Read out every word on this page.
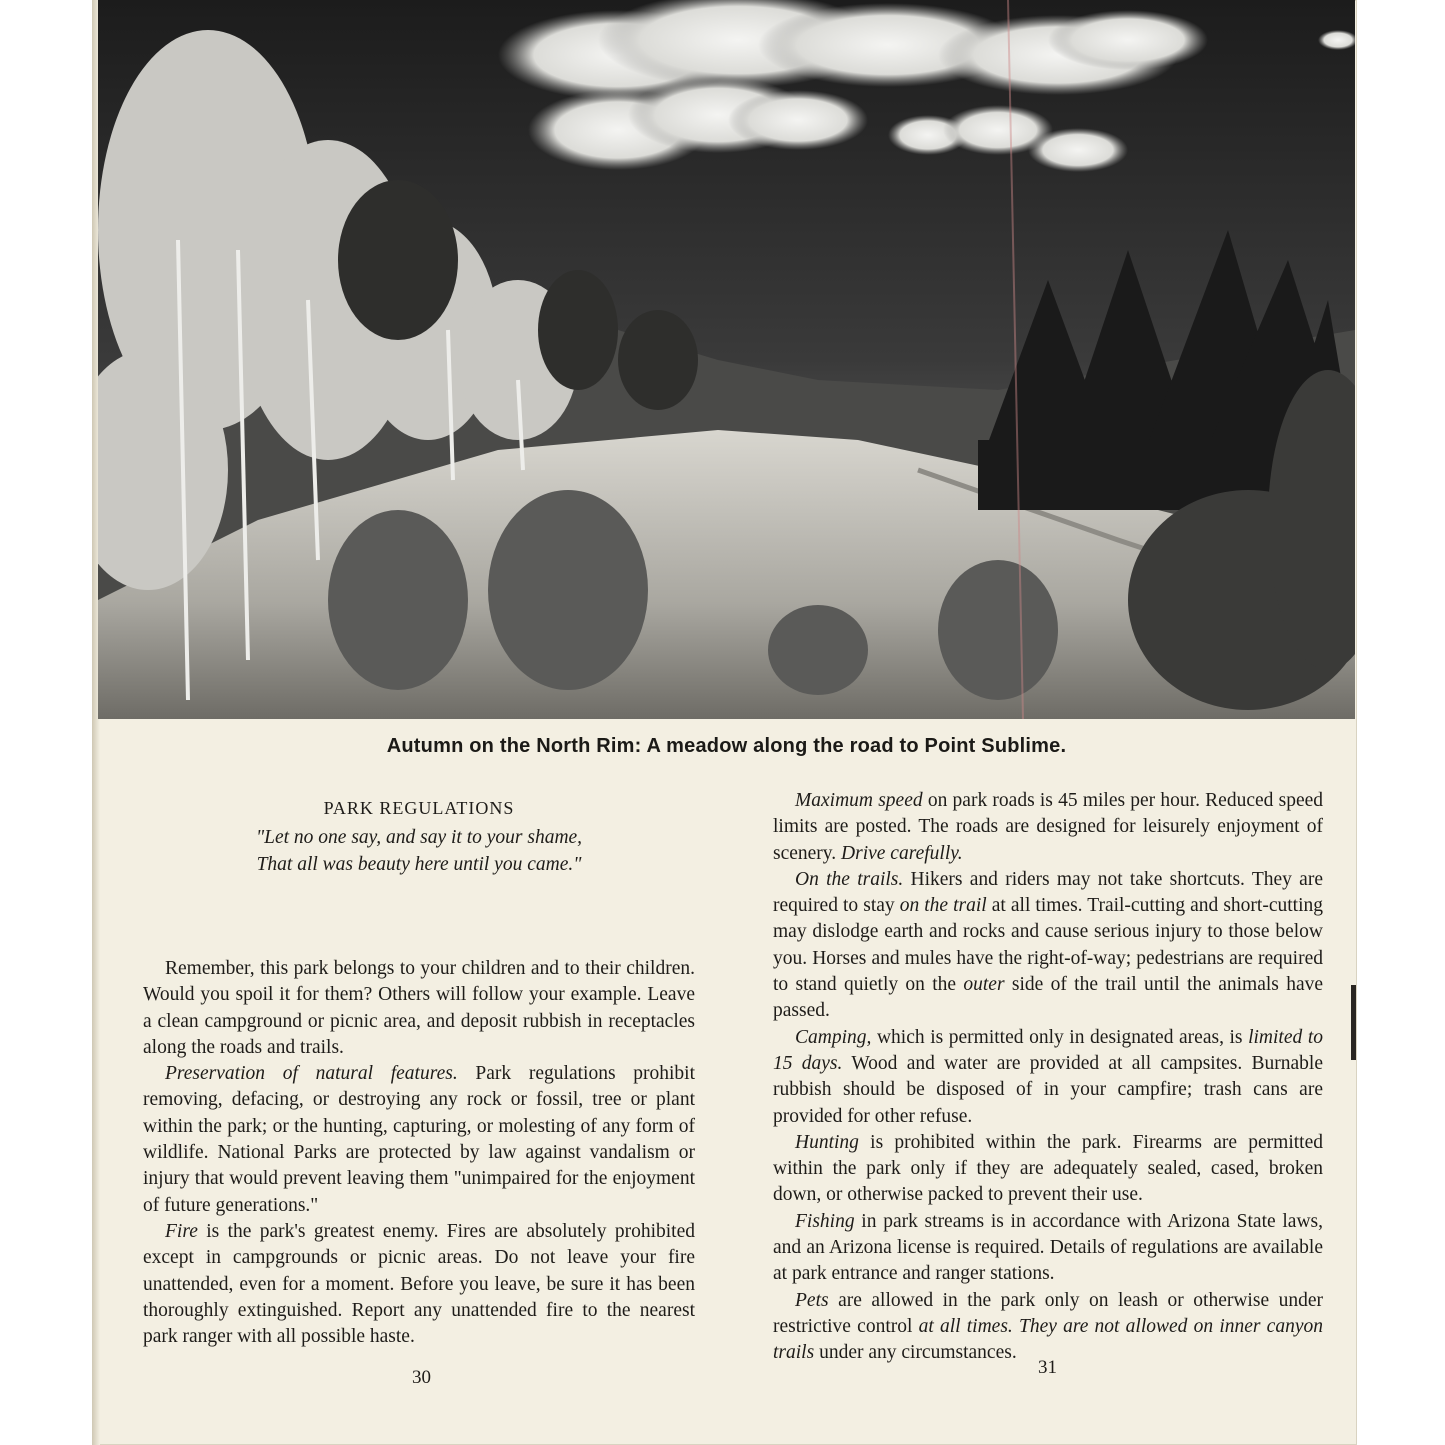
Autumn on the North Rim: A meadow along the road to Point Sublime.
PARK REGULATIONS
"Let no one say, and say it to your shame,
That all was beauty here until you came."

Remember, this park belongs to your children and to their children. Would you spoil it for them? Others will follow your example. Leave a clean campground or picnic area, and deposit rubbish in receptacles along the roads and trails.

Preservation of natural features. Park regulations prohibit removing, defacing, or destroying any rock or fossil, tree or plant within the park; or the hunting, capturing, or molesting of any form of wildlife. National Parks are protected by law against vandalism or injury that would prevent leaving them "unimpaired for the enjoyment of future generations."

Fire is the park's greatest enemy. Fires are absolutely prohibited except in campgrounds or picnic areas. Do not leave your fire unattended, even for a moment. Before you leave, be sure it has been thoroughly extinguished. Report any unattended fire to the nearest park ranger with all possible haste.

30

Maximum speed on park roads is 45 miles per hour. Reduced speed limits are posted. The roads are designed for leisurely enjoyment of scenery. Drive carefully.

On the trails. Hikers and riders may not take shortcuts. They are required to stay on the trail at all times. Trail-cutting and short-cutting may dislodge earth and rocks and cause serious injury to those below you. Horses and mules have the right-of-way; pedestrians are required to stand quietly on the outer side of the trail until the animals have passed.

Camping, which is permitted only in designated areas, is limited to 15 days. Wood and water are provided at all campsites. Burnable rubbish should be disposed of in your campfire; trash cans are provided for other refuse.

Hunting is prohibited within the park. Firearms are permitted within the park only if they are adequately sealed, cased, broken down, or otherwise packed to prevent their use.

Fishing in park streams is in accordance with Arizona State laws, and an Arizona license is required. Details of regulations are available at park entrance and ranger stations.

Pets are allowed in the park only on leash or otherwise under restrictive control at all times. They are not allowed on inner canyon trails under any circumstances.

31
